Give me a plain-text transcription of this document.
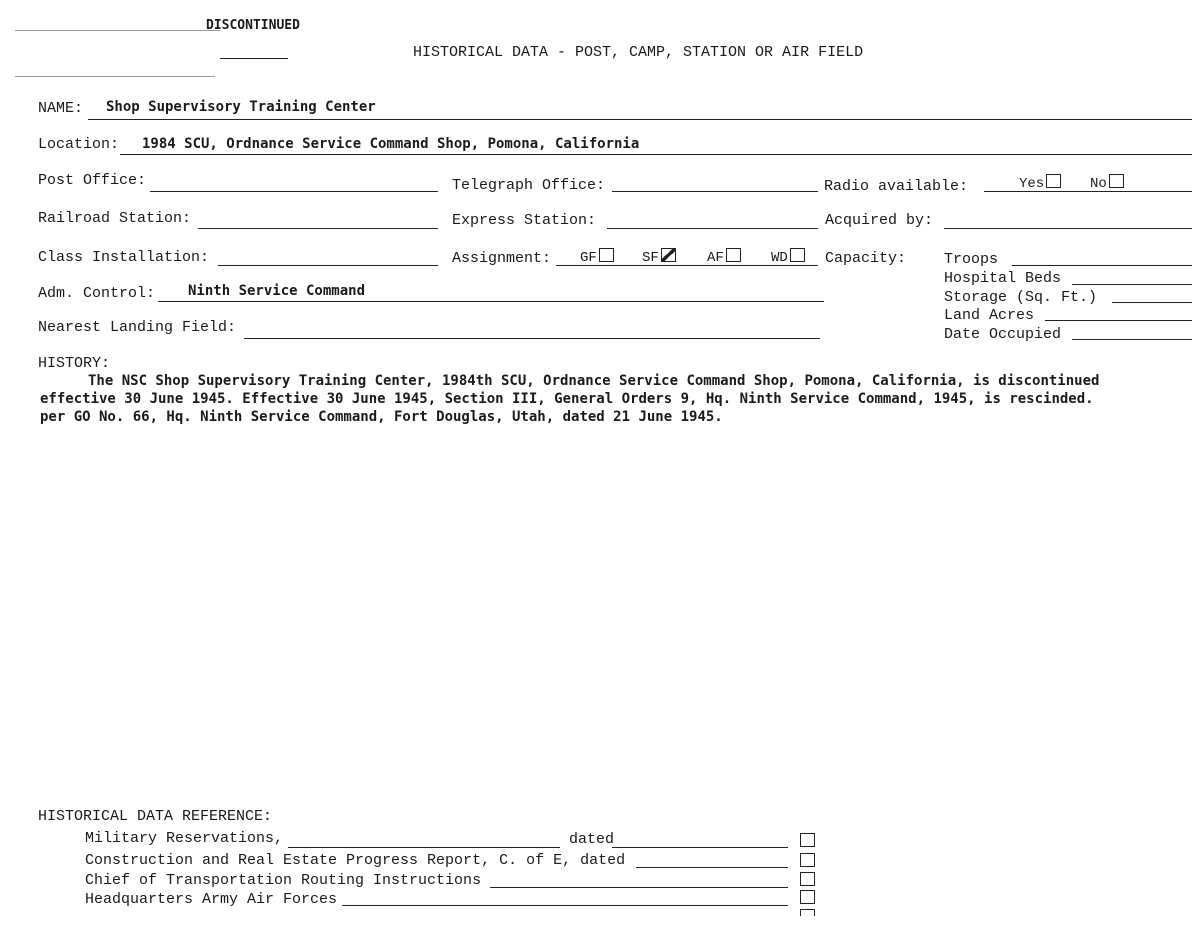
DISCONTINUED
HISTORICAL DATA - POST, CAMP, STATION OR AIR FIELD
NAME: Shop Supervisory Training Center
Location: 1984 SCU, Ordnance Service Command Shop, Pomona, California
Post Office:	Telegraph Office:	Radio available:	Yes	No
Railroad Station:	Express Station:	Acquired by:
Class Installation:	Assignment: GF	SF	AF	WD	Capacity:	Troops
Hospital Beds
Storage (Sq. Ft.)
Land Acres
Date Occupied
Adm. Control: Ninth Service Command
Nearest Landing Field:
HISTORY:
The NSC Shop Supervisory Training Center, 1984th SCU, Ordnance Service Command Shop, Pomona, California, is discontinued
effective 30 June 1945. Effective 30 June 1945, Section III, General Orders 9, Hq. Ninth Service Command, 1945, is rescinded.
per GO No. 66, Hq. Ninth Service Command, Fort Douglas, Utah, dated 21 June 1945.
HISTORICAL DATA REFERENCE:
Military Reservations,	dated
Construction and Real Estate Progress Report, C. of E, dated
Chief of Transportation Routing Instructions
Headquarters Army Air Forces
